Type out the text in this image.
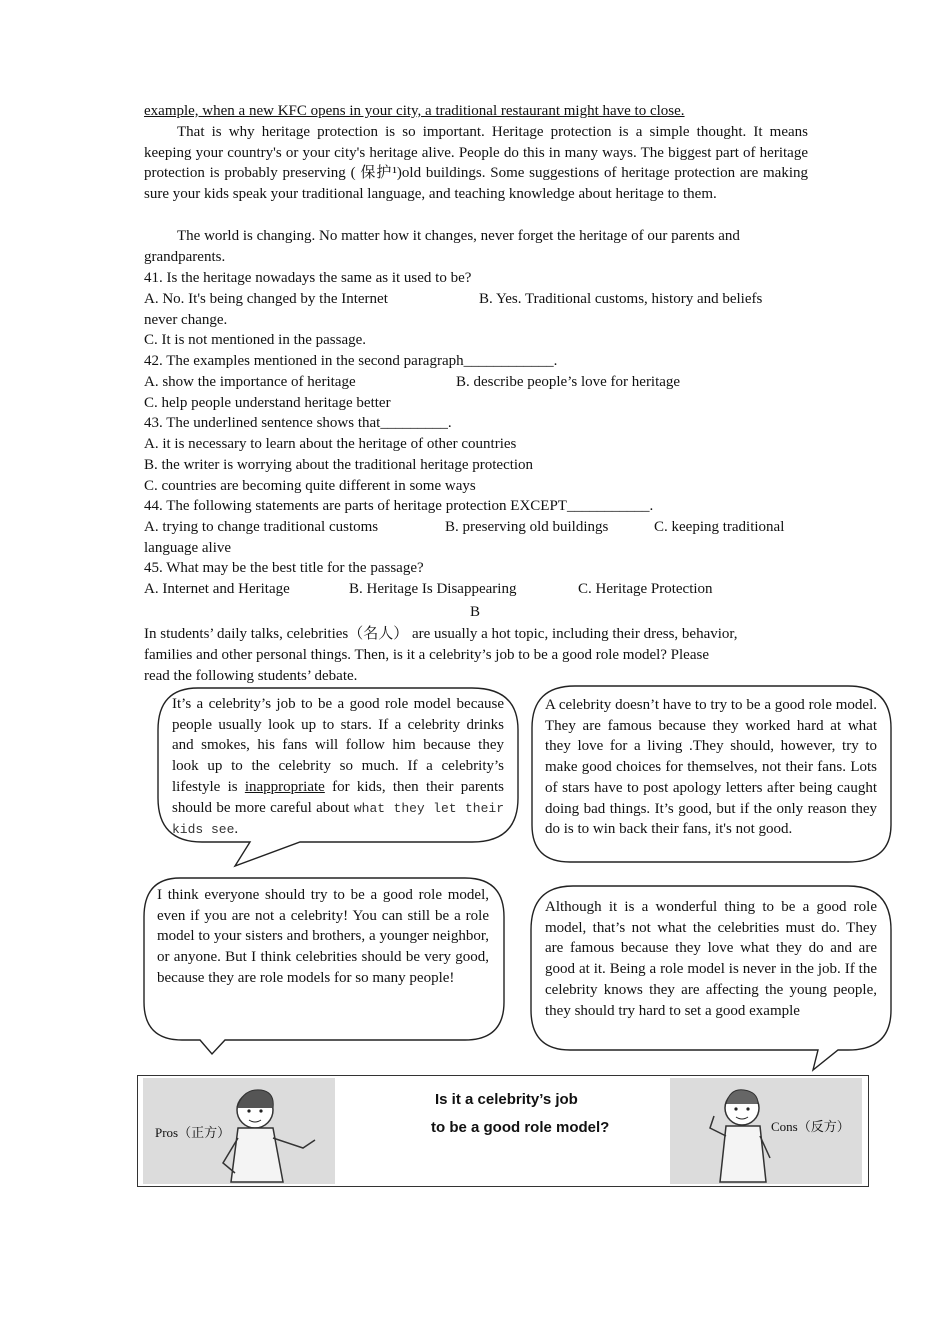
example, when a new KFC opens in your city, a traditional restaurant might have to close.
That is why heritage protection is so important. Heritage protection is a simple thought. It means keeping your country's or your city's heritage alive. People do this in many ways. The biggest part of heritage protection is probably preserving ( 保护¹)old buildings. Some suggestions of heritage protection are making sure your kids speak your traditional language, and teaching knowledge about heritage to them.
The world is changing. No matter how it changes, never forget the heritage of our parents and grandparents.
41. Is the heritage nowadays the same as it used to be?
A. No. It's being changed by the Internet	B. Yes. Traditional customs, history and beliefs
never change.
C. It is not mentioned in the passage.
42. The examples mentioned in the second paragraph____________.
A. show the importance of heritage	B. describe people’s love for heritage
C. help people understand heritage better
43. The underlined sentence shows that_________.
A. it is necessary to learn about the heritage of other countries
B. the writer is worrying about the traditional heritage protection
C. countries are becoming quite different in some ways
44. The following statements are parts of heritage protection EXCEPT___________.
A. trying to change traditional customs	B. preserving old buildings	C. keeping traditional
language alive
45. What may be the best title for the passage?
A. Internet and Heritage	B. Heritage Is Disappearing	C. Heritage Protection
B
In students’ daily talks, celebrities（名人） are usually a hot topic, including their dress, behavior,
families and other personal things. Then, is it a celebrity’s job to be a good role model? Please
read the following students’ debate.
It’s a celebrity’s job to be a good role model because people usually look up to stars. If a celebrity drinks and smokes, his fans will follow him because they look up to the celebrity so much. If a celebrity’s lifestyle is inappropriate for kids, then their parents should be more careful about what they let their kids see.
A celebrity doesn’t have to try to be a good role model. They are famous because they worked hard at what they love for a living .They should, however, try to make good choices for themselves, not their fans. Lots of stars have to post apology letters after being caught doing bad things. It’s good, but if the only reason they do is to win back their fans, it's not good.
I think everyone should try to be a good role model, even if you are not a celebrity! You can still be a role model to your sisters and brothers, a younger neighbor, or anyone. But I think celebrities should be very good, because they are role models for so many people!
Although it is a wonderful thing to be a good role model, that’s not what the celebrities must do. They are famous because they love what they do and are good at it. Being a role model is never in the job. If the celebrity knows they are affecting the young people, they should try hard to set a good example
Pros（正方）
Is it a celebrity’s job
to be a good role model?	Cons（反方）
